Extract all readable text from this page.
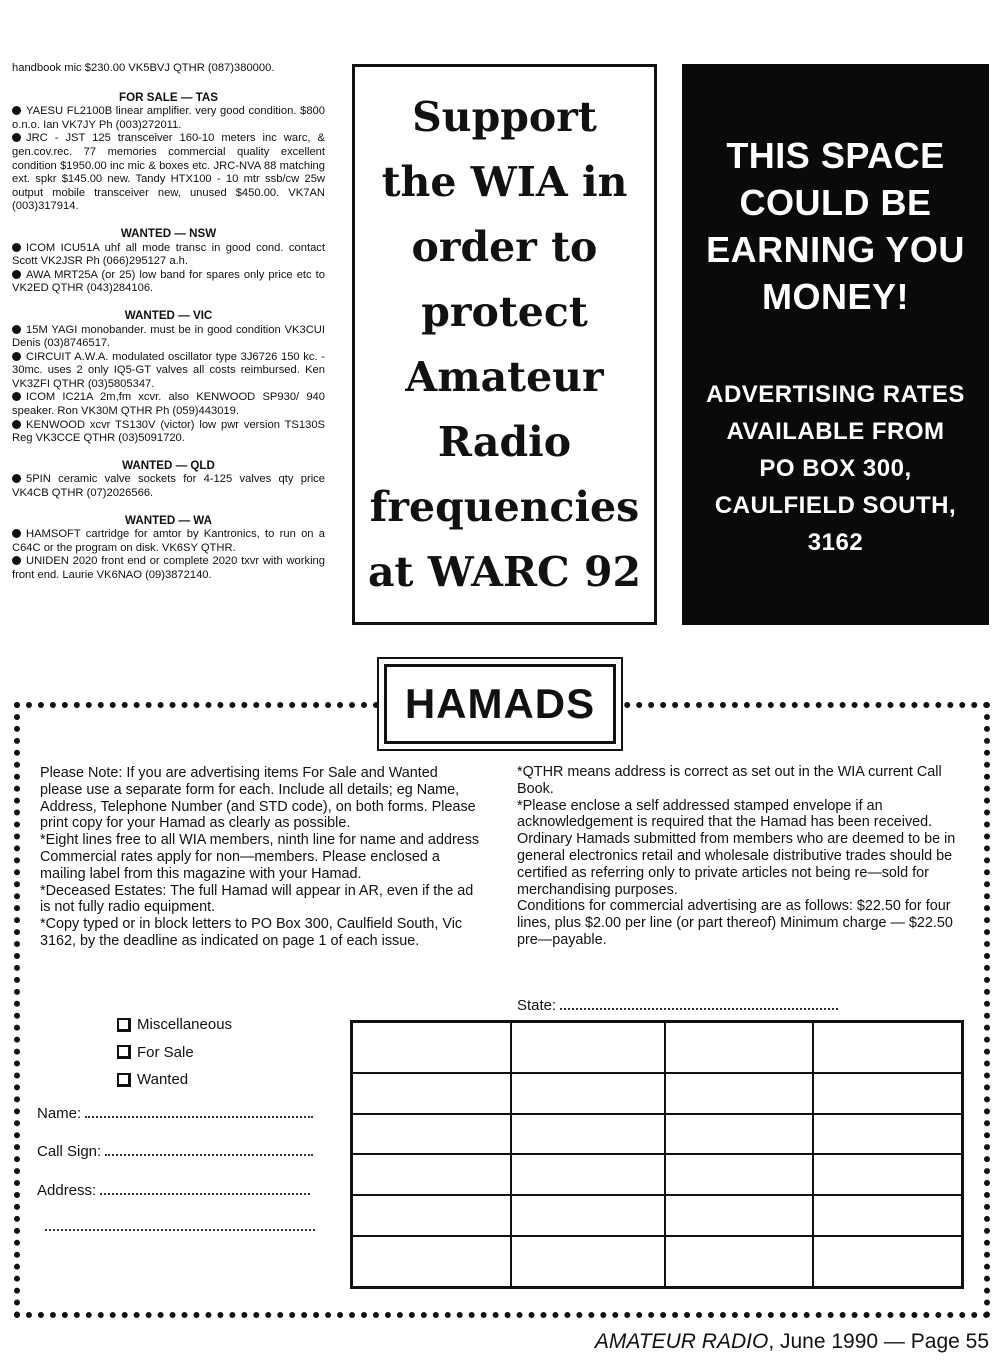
handbook mic $230.00 VK5BVJ QTHR (087)380000.
FOR SALE — TAS
YAESU FL2100B linear amplifier. very good condition. $800 o.n.o. Ian VK7JY Ph (003)272011.
JRC - JST 125 transceiver 160-10 meters inc warc, & gen.cov.rec. 77 memories commercial quality excellent condition $1950.00 inc mic & boxes etc. JRC-NVA 88 matching ext. spkr $145.00 new. Tandy HTX100 - 10 mtr ssb/cw 25w output mobile transceiver new, unused $450.00. VK7AN (003)317914.
WANTED — NSW
ICOM ICU51A uhf all mode transc in good cond. contact Scott VK2JSR Ph (066)295127 a.h.
AWA MRT25A (or 25) low band for spares only price etc to VK2ED QTHR (043)284106.
WANTED — VIC
15M YAGI monobander. must be in good condition VK3CUI Denis (03)8746517.
CIRCUIT A.W.A. modulated oscillator type 3J6726 150 kc. - 30mc. uses 2 only IQ5-GT valves all costs reimbursed. Ken VK3ZFI QTHR (03)5805347.
ICOM IC21A 2m,fm xcvr. also KENWOOD SP930/ 940 speaker. Ron VK30M QTHR Ph (059)443019.
KENWOOD xcvr TS130V (victor) low pwr version TS130S Reg VK3CCE QTHR (03)5091720.
WANTED — QLD
5PIN ceramic valve sockets for 4-125 valves qty price VK4CB QTHR (07)2026566.
WANTED — WA
HAMSOFT cartridge for amtor by Kantronics, to run on a C64C or the program on disk. VK6SY QTHR.
UNIDEN 2020 front end or complete 2020 txvr with working front end. Laurie VK6NAO (09)3872140.
Support
the WIA in
order to
protect
Amateur
Radio
frequencies
at WARC 92
THIS SPACE
COULD BE
EARNING YOU
MONEY!
ADVERTISING RATES
AVAILABLE FROM
PO BOX 300,
CAULFIELD SOUTH,
3162
HAMADS

Please Note: If you are advertising items For Sale and Wanted please use a separate form for each. Include all details; eg Name, Address, Telephone Number (and STD code), on both forms. Please print copy for your Hamad as clearly as possible.

*Eight lines free to all WIA members, ninth line for name and address Commercial rates apply for non—members. Please enclosed a mailing label from this magazine with your Hamad.

*Deceased Estates: The full Hamad will appear in AR, even if the ad is not fully radio equipment.

*Copy typed or in block letters to PO Box 300, Caulfield South, Vic 3162, by the deadline as indicated on page 1 of each issue.

*QTHR means address is correct as set out in the WIA current Call Book.

*Please enclose a self addressed stamped envelope if an acknowledgement is required that the Hamad has been received.

Ordinary Hamads submitted from members who are deemed to be in general electronics retail and wholesale distributive trades should be certified as referring only to private articles not being re—sold for merchandising purposes.

Conditions for commercial advertising are as follows: $22.50 for four lines, plus $2.00 per line (or part thereof) Minimum charge — $22.50 pre—payable.

Miscellaneous
For Sale
Wanted
Name:
Call Sign:
Address:
State:

AMATEUR RADIO, June 1990 — Page 55
